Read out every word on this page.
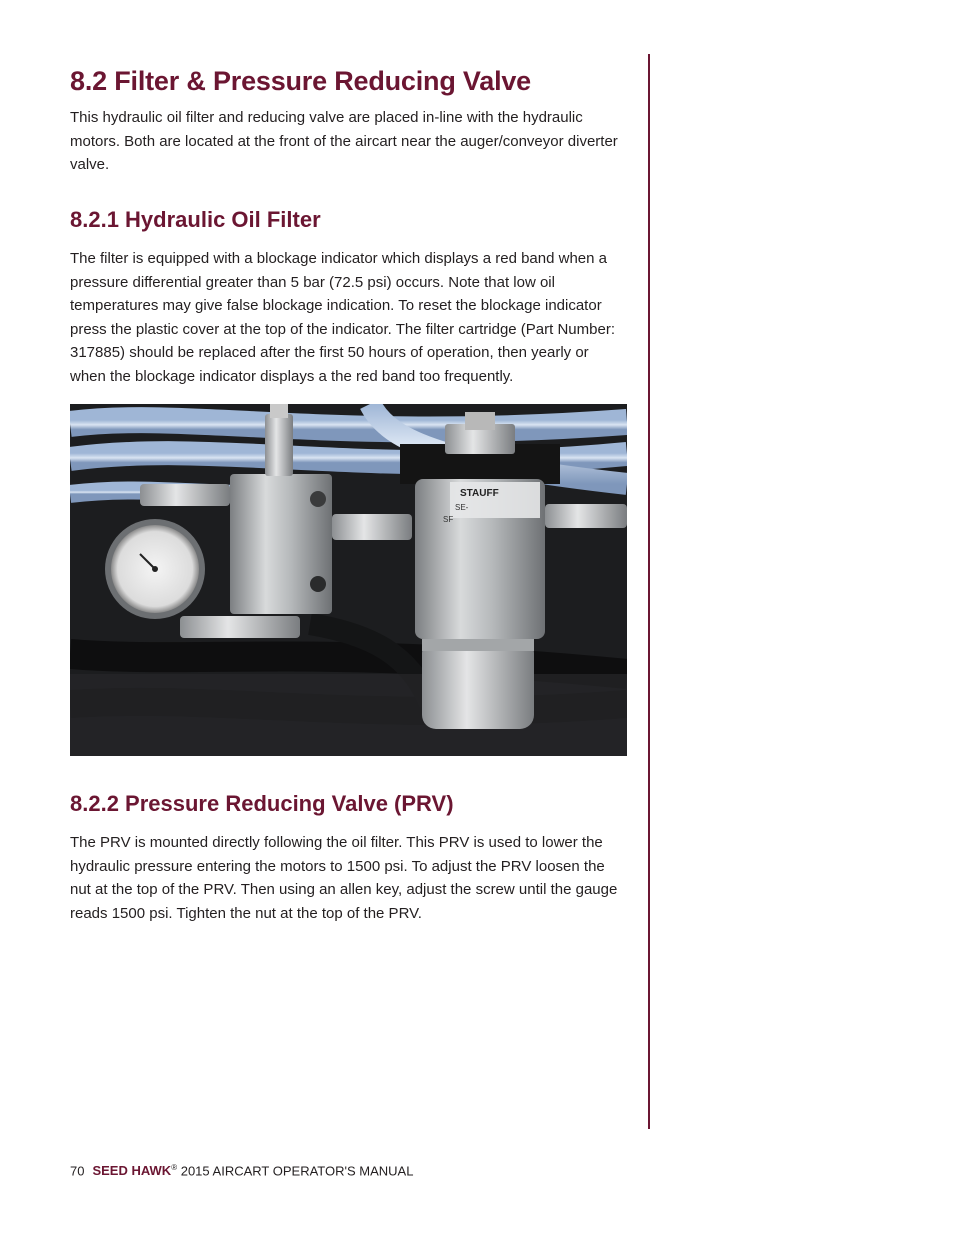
8.2 Filter & Pressure Reducing Valve

This hydraulic oil filter and reducing valve are placed in-line with the hydraulic motors. Both are located at the front of the aircart near the auger/conveyor diverter valve.

8.2.1 Hydraulic Oil Filter

The filter is equipped with a blockage indicator which displays a red band when a pressure differential greater than 5 bar (72.5 psi) occurs. Note that low oil temperatures may give false blockage indication. To reset the blockage indicator press the plastic cover at the top of the indicator. The filter cartridge (Part Number: 317885) should be replaced after the first 50 hours of operation, then yearly or when the blockage indicator displays a the red band too frequently.

STAUFF
SE-
SF
8.2.2 Pressure Reducing Valve (PRV)

The PRV is mounted directly following the oil filter. This PRV is used to lower the hydraulic pressure entering the motors to 1500 psi. To adjust the PRV loosen the nut at the top of the PRV. Then using an allen key, adjust the screw until the gauge reads 1500 psi. Tighten the nut at the top of the PRV.

70 SEED HAWK® 2015 AIRCART OPERATOR'S MANUAL
